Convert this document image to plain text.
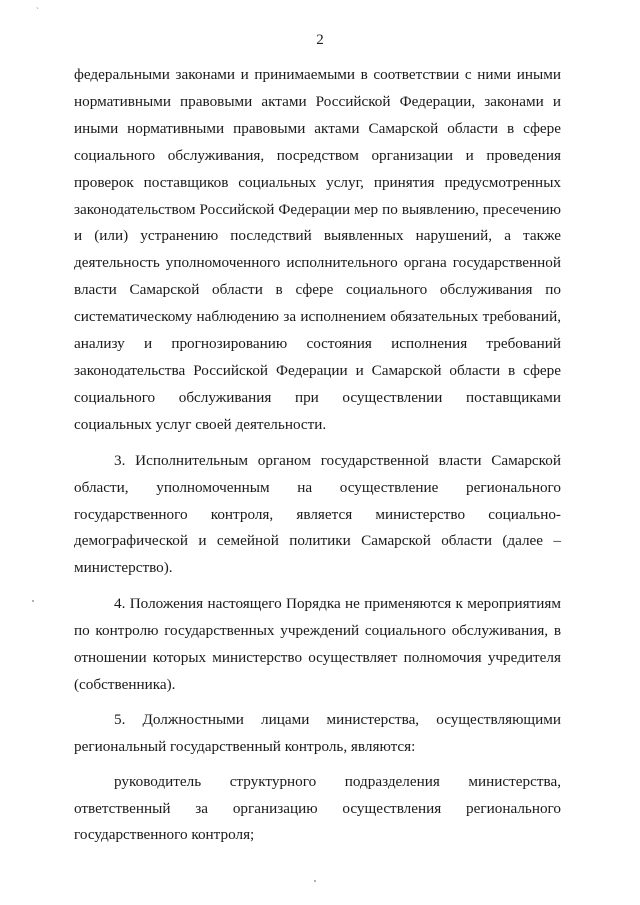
`
2

федеральными законами и принимаемыми в соответствии с ними иными нормативными правовыми актами Российской Федерации, законами и иными нормативными правовыми актами Самарской области в сфере социального обслуживания, посредством организации и проведения проверок поставщиков социальных услуг, принятия предусмотренных законодательством Российской Федерации мер по выявлению, пресечению и (или) устранению последствий выявленных нарушений, а также деятельность уполномоченного исполнительного органа государственной власти Самарской области в сфере социального обслуживания по систематическому наблюдению за исполнением обязательных требований, анализу и прогнозированию состояния исполнения требований законодательства Российской Федерации и Самарской области в сфере социального обслуживания при осуществлении поставщиками социальных услуг своей деятельности.

3. Исполнительным органом государственной власти Самарской области, уполномоченным на осуществление регионального государственного контроля, является министерство социально-демографической и семейной политики Самарской области (далее – министерство).

4. Положения настоящего Порядка не применяются к мероприятиям по контролю государственных учреждений социального обслуживания, в отношении которых министерство осуществляет полномочия учредителя (собственника).

5. Должностными лицами министерства, осуществляющими региональный государственный контроль, являются:

руководитель структурного подразделения министерства, ответственный за организацию осуществления регионального государственного контроля;
